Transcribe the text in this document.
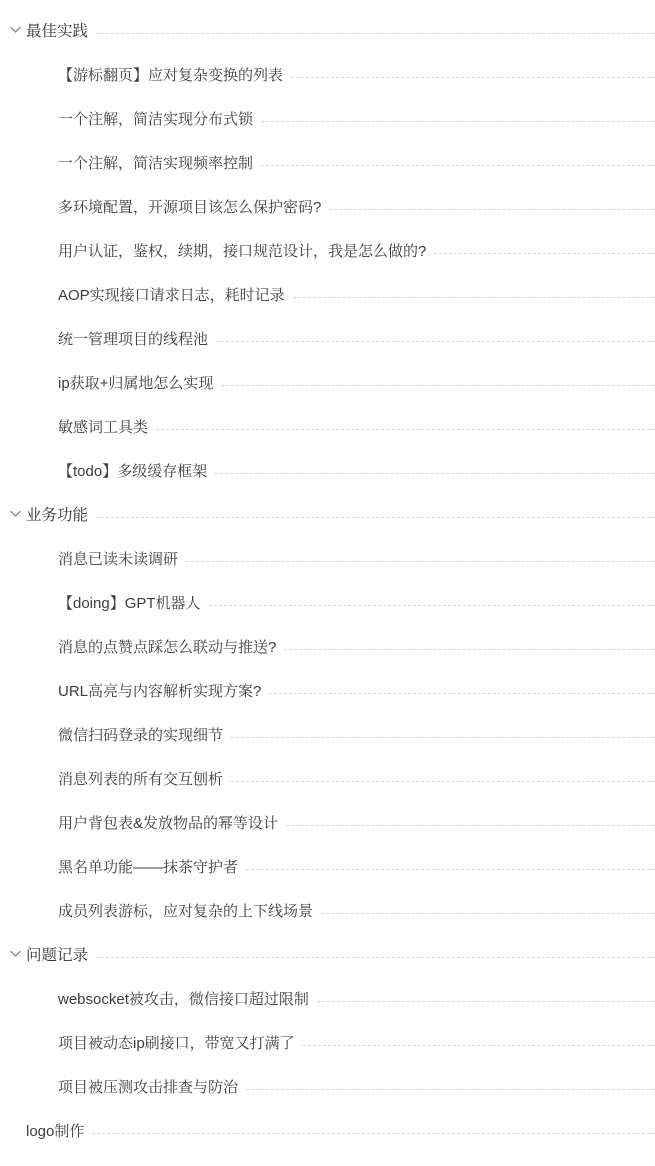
最佳实践
【游标翻页】应对复杂变换的列表
一个注解，简洁实现分布式锁
一个注解，简洁实现频率控制
多环境配置，开源项目该怎么保护密码?
用户认证，鉴权，续期，接口规范设计，我是怎么做的?
AOP实现接口请求日志，耗时记录
统一管理项目的线程池
ip获取+归属地怎么实现
敏感词工具类
【todo】多级缓存框架
业务功能
消息已读未读调研
【doing】GPT机器人
消息的点赞点踩怎么联动与推送?
URL高亮与内容解析实现方案?
微信扫码登录的实现细节
消息列表的所有交互刨析
用户背包表&发放物品的幂等设计
黑名单功能——抹茶守护者
成员列表游标，应对复杂的上下线场景
问题记录
websocket被攻击，微信接口超过限制
项目被动态ip刷接口，带宽又打满了
项目被压测攻击排查与防治
logo制作
